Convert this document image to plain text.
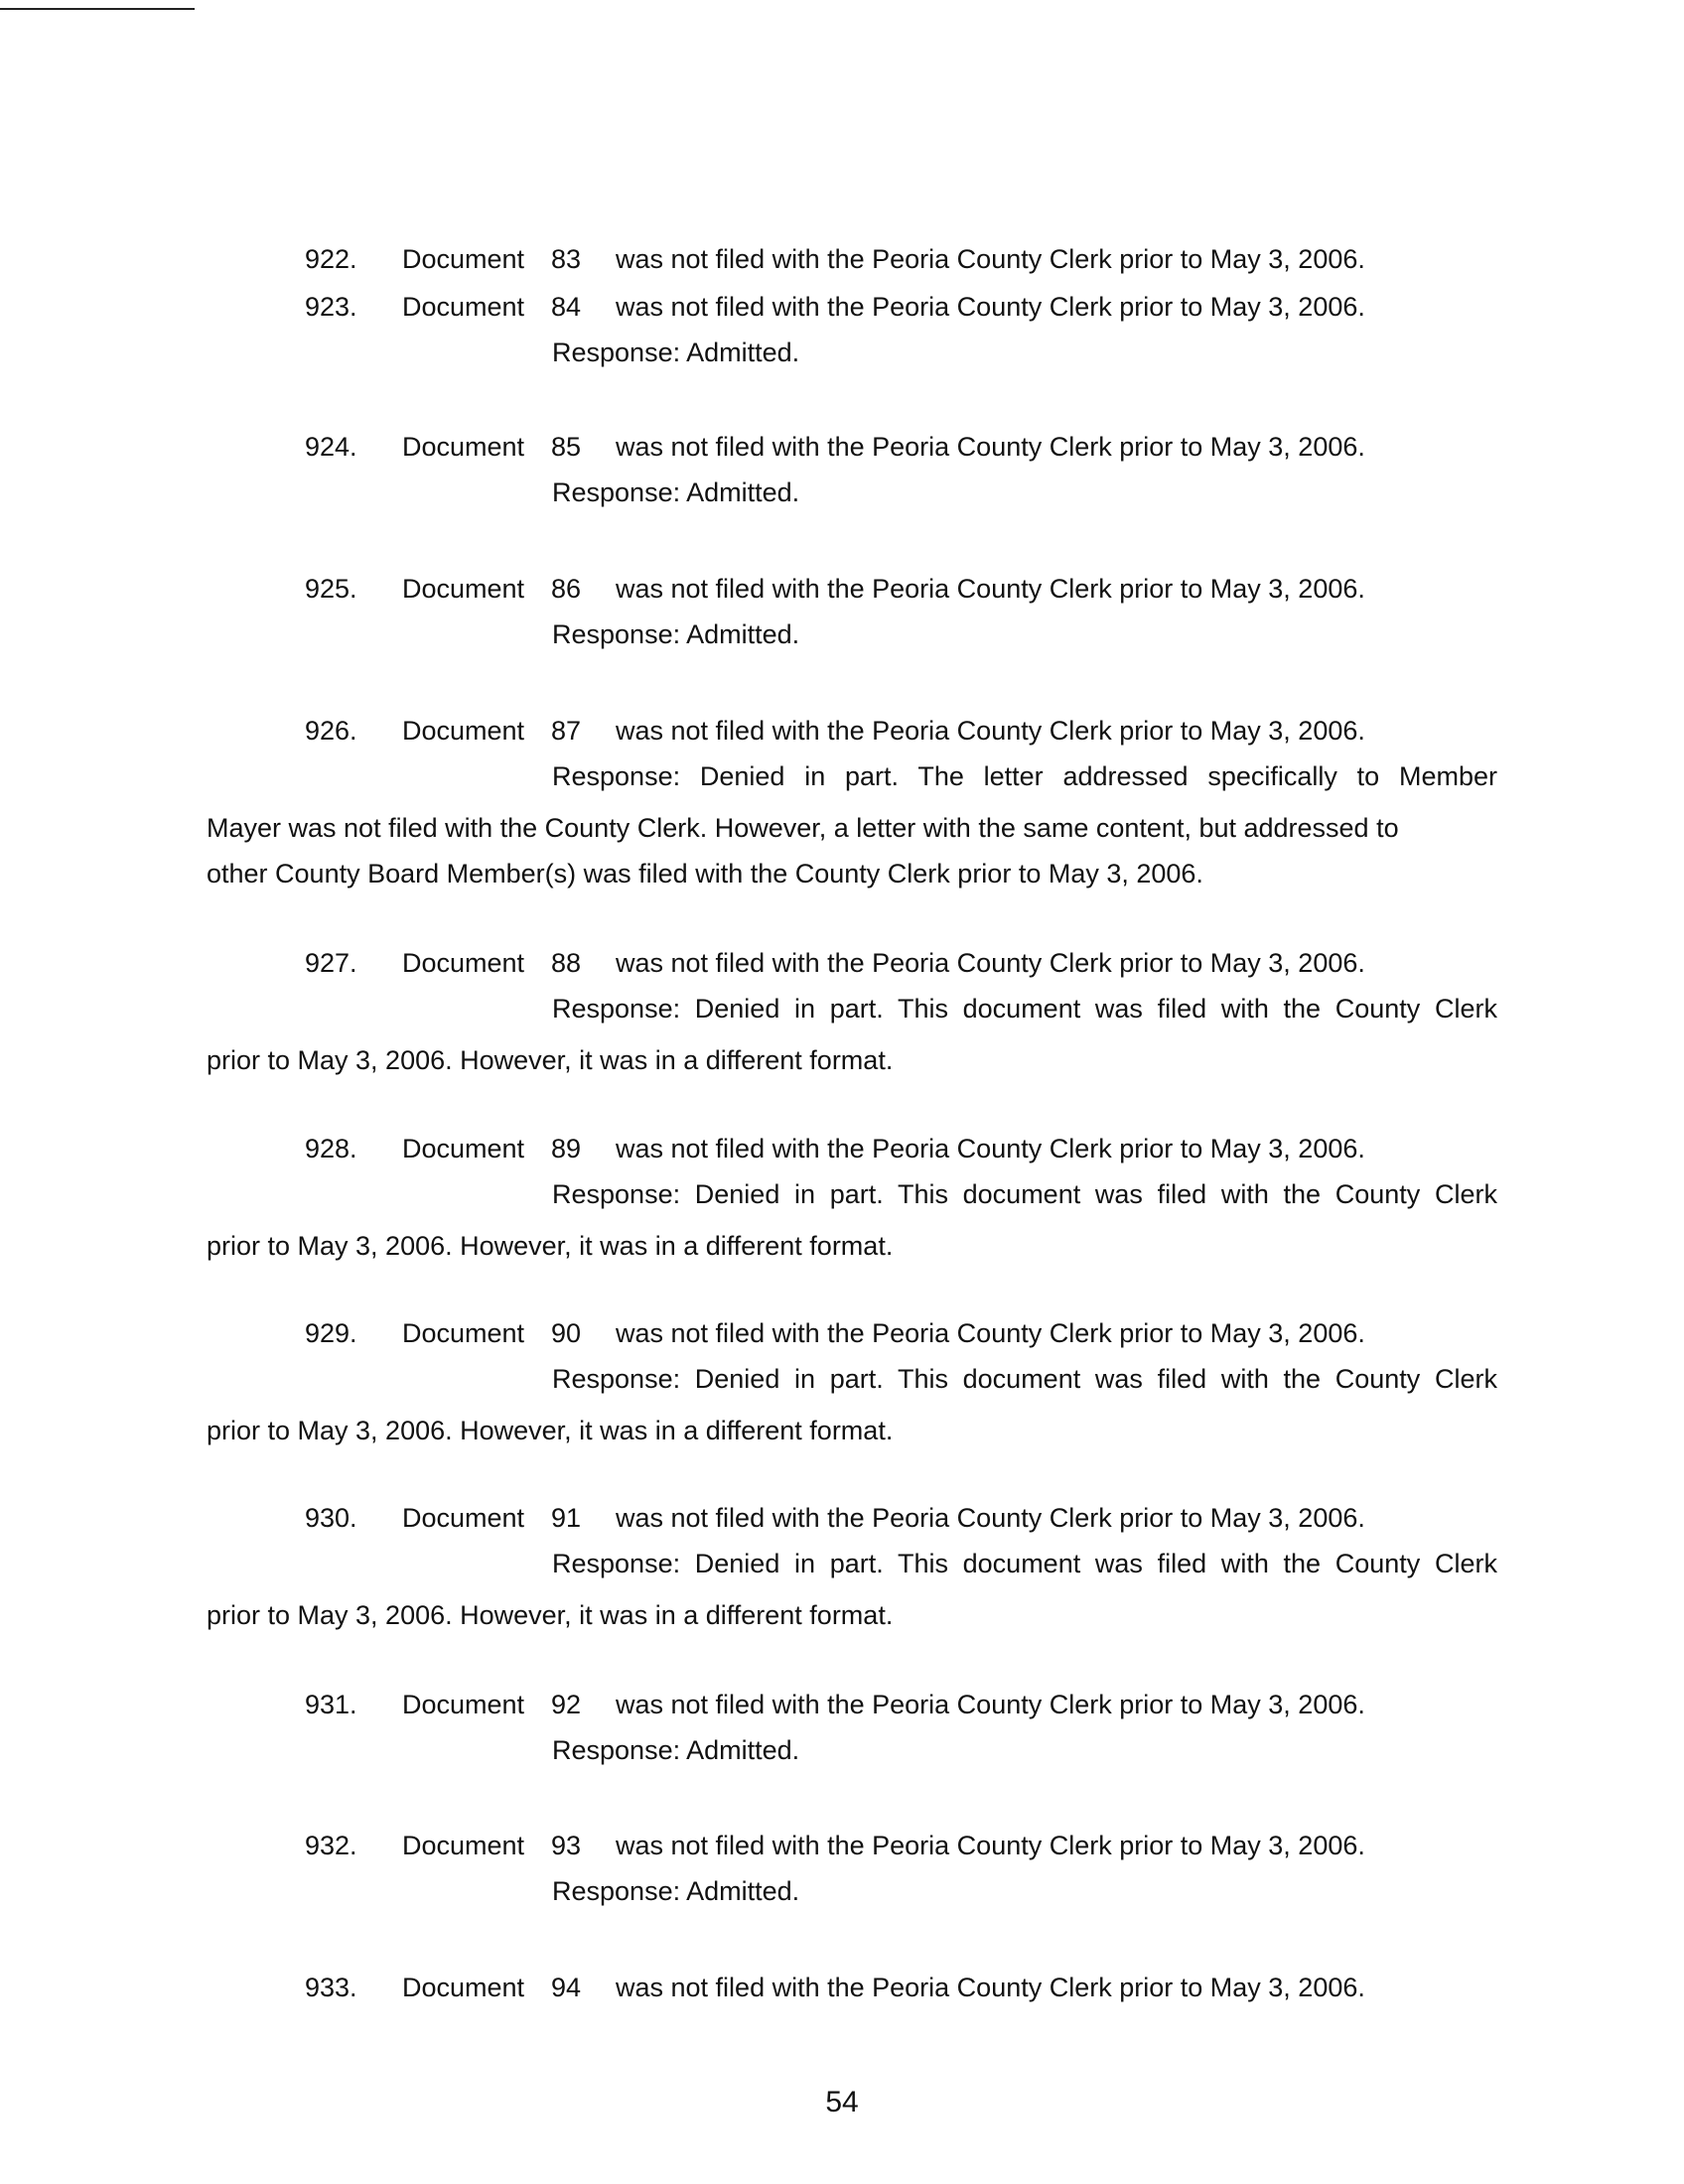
922. Document 83 was not filed with the Peoria County Clerk prior to May 3, 2006.
923. Document 84 was not filed with the Peoria County Clerk prior to May 3, 2006.
Response: Admitted.
924. Document 85 was not filed with the Peoria County Clerk prior to May 3, 2006.
Response: Admitted.
925. Document 86 was not filed with the Peoria County Clerk prior to May 3, 2006.
Response: Admitted.
926. Document 87 was not filed with the Peoria County Clerk prior to May 3, 2006.
Response: Denied in part. The letter addressed specifically to Member
Mayer was not filed with the County Clerk. However, a letter with the same content, but addressed to
other County Board Member(s) was filed with the County Clerk prior to May 3, 2006.
927. Document 88 was not filed with the Peoria County Clerk prior to May 3, 2006.
Response: Denied in part. This document was filed with the County Clerk
prior to May 3, 2006. However, it was in a different format.
928. Document 89 was not filed with the Peoria County Clerk prior to May 3, 2006.
Response: Denied in part. This document was filed with the County Clerk
prior to May 3, 2006. However, it was in a different format.
929. Document 90 was not filed with the Peoria County Clerk prior to May 3, 2006.
Response: Denied in part. This document was filed with the County Clerk
prior to May 3, 2006. However, it was in a different format.
930. Document 91 was not filed with the Peoria County Clerk prior to May 3, 2006.
Response: Denied in part. This document was filed with the County Clerk
prior to May 3, 2006. However, it was in a different format.
931. Document 92 was not filed with the Peoria County Clerk prior to May 3, 2006.
Response: Admitted.
932. Document 93 was not filed with the Peoria County Clerk prior to May 3, 2006.
Response: Admitted.
933. Document 94 was not filed with the Peoria County Clerk prior to May 3, 2006.
54
